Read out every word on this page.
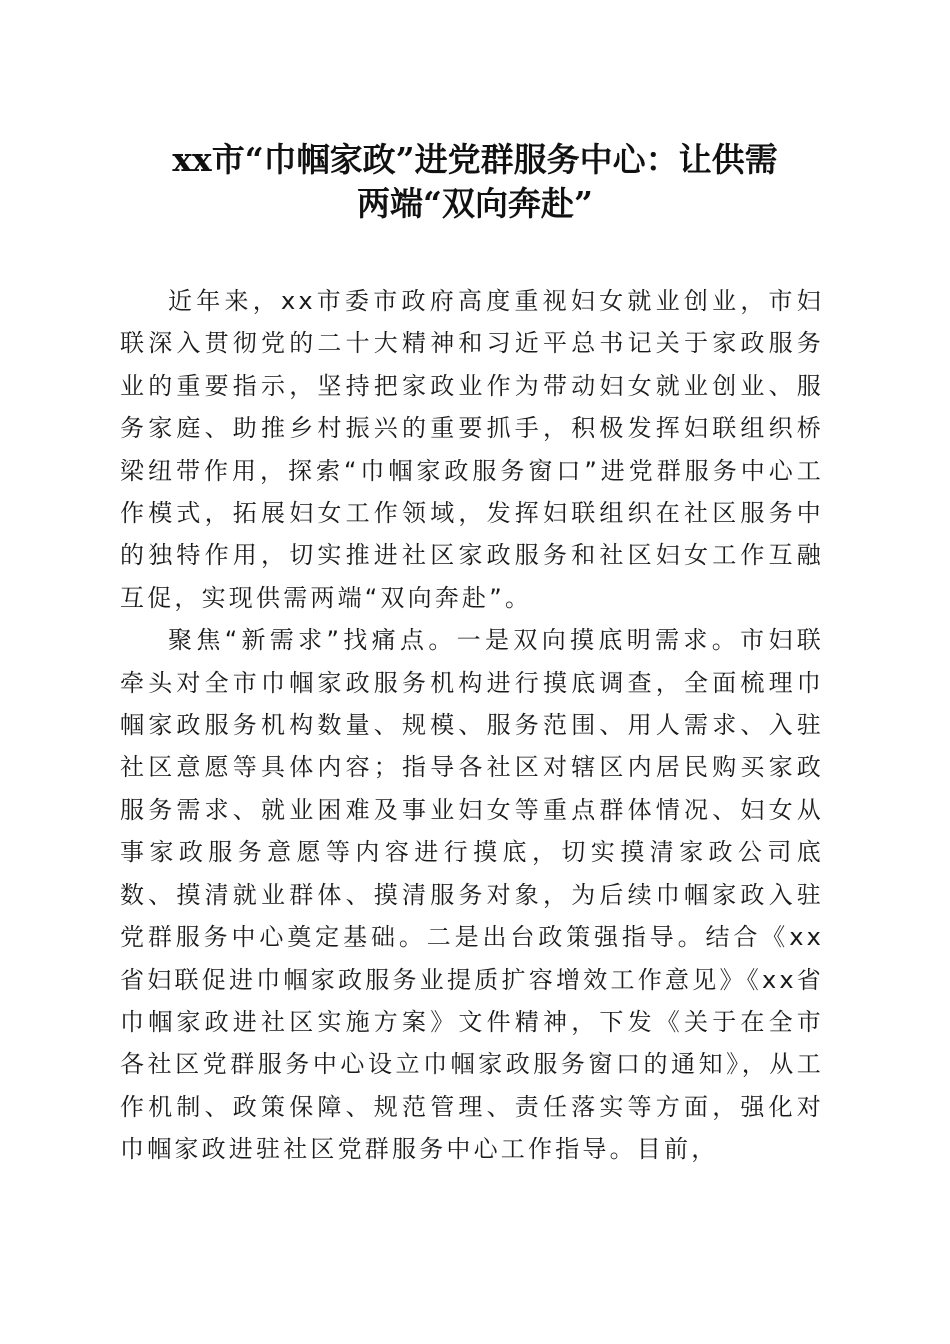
xx市“巾帼家政”进党群服务中心：让供需
两端“双向奔赴”

近年来，xx市委市政府高度重视妇女就业创业，市妇联深入贯彻党的二十大精神和习近平总书记关于家政服务业的重要指示，坚持把家政业作为带动妇女就业创业、服务家庭、助推乡村振兴的重要抓手，积极发挥妇联组织桥梁纽带作用，探索“巾帼家政服务窗口”进党群服务中心工作模式，拓展妇女工作领域，发挥妇联组织在社区服务中的独特作用，切实推进社区家政服务和社区妇女工作互融互促，实现供需两端“双向奔赴”。

聚焦“新需求”找痛点。一是双向摸底明需求。市妇联牵头对全市巾帼家政服务机构进行摸底调查，全面梳理巾帼家政服务机构数量、规模、服务范围、用人需求、入驻社区意愿等具体内容；指导各社区对辖区内居民购买家政服务需求、就业困难及事业妇女等重点群体情况、妇女从事家政服务意愿等内容进行摸底，切实摸清家政公司底数、摸清就业群体、摸清服务对象，为后续巾帼家政入驻党群服务中心奠定基础。二是出台政策强指导。结合《xx省妇联促进巾帼家政服务业提质扩容增效工作意见》《xx省巾帼家政进社区实施方案》文件精神，下发《关于在全市各社区党群服务中心设立巾帼家政服务窗口的通知》，从工作机制、政策保障、规范管理、责任落实等方面，强化对巾帼家政进驻社区党群服务中心工作指导。目前，
